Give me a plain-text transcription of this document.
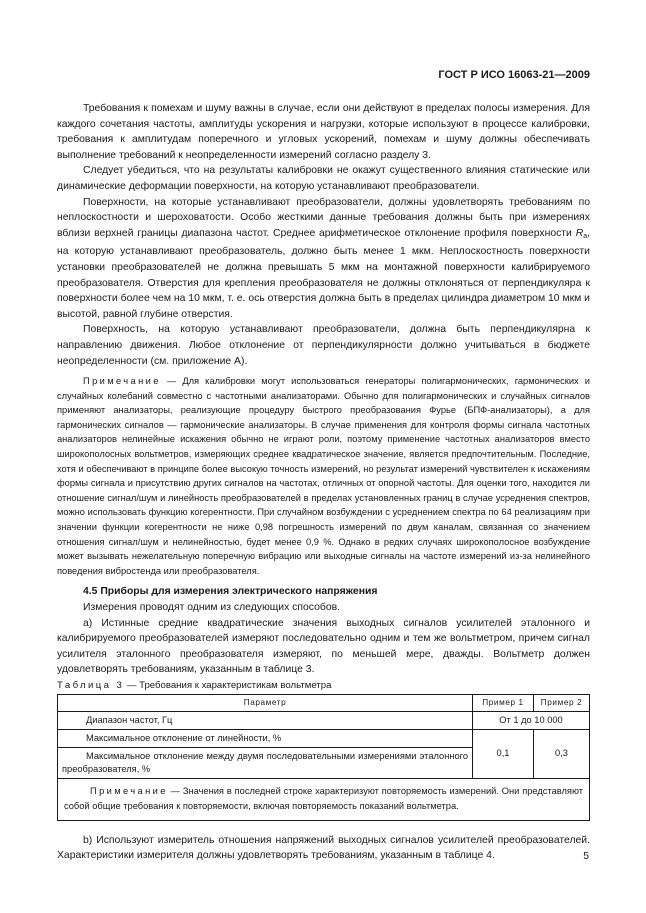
ГОСТ Р ИСО 16063-21—2009

Требования к помехам и шуму важны в случае, если они действуют в пределах полосы измерения. Для каждого сочетания частоты, амплитуды ускорения и нагрузки, которые используют в процессе калибровки, требования к амплитудам поперечного и угловых ускорений, помехам и шуму должны обеспечивать выполнение требований к неопределенности измерений согласно разделу 3.

Следует убедиться, что на результаты калибровки не окажут существенного влияния статические или динамические деформации поверхности, на которую устанавливают преобразователи.

Поверхности, на которые устанавливают преобразователи, должны удовлетворять требованиям по неплоскостности и шероховатости. Особо жесткими данные требования должны быть при измерениях вблизи верхней границы диапазона частот. Среднее арифметическое отклонение профиля поверхности $R_a$, на которую устанавливают преобразователь, должно быть менее 1 мкм. Неплоскостность поверхности установки преобразователей не должна превышать 5 мкм на монтажной поверхности калибрируемого преобразователя. Отверстия для крепления преобразователя не должны отклоняться от перпендикуляра к поверхности более чем на 10 мкм, т. е. ось отверстия должна быть в пределах цилиндра диаметром 10 мкм и высотой, равной глубине отверстия.

Поверхность, на которую устанавливают преобразователи, должна быть перпендикулярна к направлению движения. Любое отклонение от перпендикулярности должно учитываться в бюджете неопределенности (см. приложение А).

Примечание — Для калибровки могут использоваться генераторы полигармонических, гармонических и случайных колебаний совместно с частотными анализаторами. Обычно для полигармонических и случайных сигналов применяют анализаторы, реализующие процедуру быстрого преобразования Фурье (БПФ-анализаторы), а для гармонических сигналов — гармонические анализаторы. В случае применения для контроля формы сигнала частотных анализаторов нелинейные искажения обычно не играют роли, поэтому применение частотных анализаторов вместо широкополосных вольтметров, измеряющих среднее квадратическое значение, является предпочтительным. Последние, хотя и обеспечивают в принципе более высокую точность измерений, но результат измерений чувствителен к искажениям формы сигнала и присутствию других сигналов на частотах, отличных от опорной частоты. Для оценки того, находится ли отношение сигнал/шум и линейность преобразователей в пределах установленных границ в случае усреднения спектров, можно использовать функцию когерентности. При случайном возбуждении с усреднением спектра по 64 реализациям при значении функции когерентности не ниже 0,98 погрешность измерений по двум каналам, связанная со значением отношения сигнал/шум и нелинейностью, будет менее 0,9 %. Однако в редких случаях широкополосное возбуждение может вызывать нежелательную поперечную вибрацию или выходные сигналы на частоте измерений из-за нелинейного поведения вибростенда или преобразователя.

4.5 Приборы для измерения электрического напряжения

Измерения проводят одним из следующих способов.

a) Истинные средние квадратические значения выходных сигналов усилителей эталонного и калибрируемого преобразователей измеряют последовательно одним и тем же вольтметром, причем сигнал усилителя эталонного преобразователя измеряют, по меньшей мере, дважды. Вольтметр должен удовлетворять требованиям, указанным в таблице 3.

Таблица 3 — Требования к характеристикам вольтметра

Параметр	Пример 1	Пример 2
Диапазон частот, Гц	От 1 до 10 000	
Максимальное отклонение от линейности, %	0,1	0,3
Максимальное отклонение между двумя последовательными измерениями эталонного преобразователя, %		

Примечание — Значения в последней строке характеризуют повторяемость измерений. Они представляют собой общие требования к повторяемости, включая повторяемость показаний вольтметра.		

b) Используют измеритель отношения напряжений выходных сигналов усилителей преобразователей. Характеристики измерителя должны удовлетворять требованиям, указанным в таблице 4.	5
